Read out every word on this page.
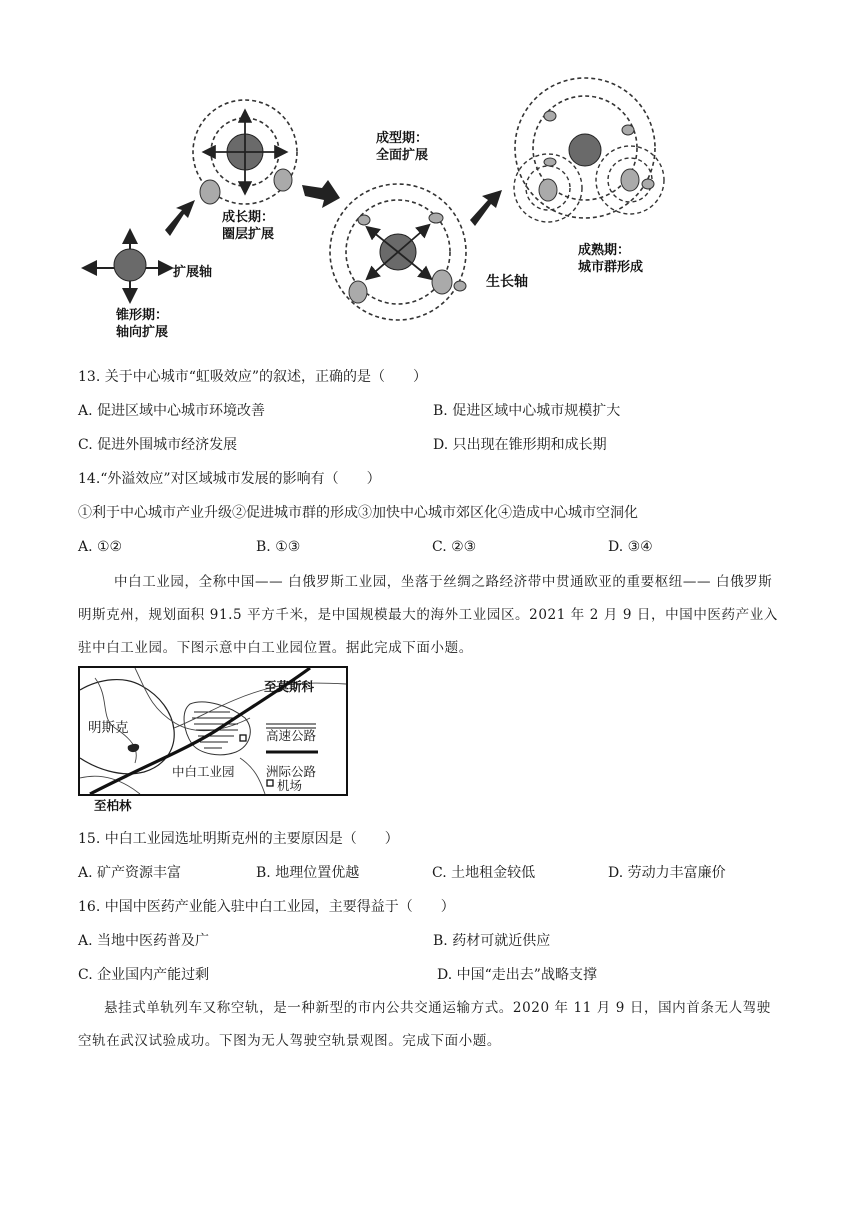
锥形期：
轴向扩展
扩展轴
成长期：
圈层扩展
成型期：
全面扩展
生长轴
成熟期：
城市群形成
13. 关于中心城市“虹吸效应”的叙述，正确的是（　　）
A. 促进区域中心城市环境改善	B. 促进区域中心城市规模扩大
C. 促进外围城市经济发展	D. 只出现在锥形期和成长期
14.“外溢效应”对区域城市发展的影响有（　　）
①利于中心城市产业升级②促进城市群的形成③加快中心城市郊区化④造成中心城市空洞化
A. ①②	B. ①③	C. ②③	D. ③④
中白工业园，全称中国—— 白俄罗斯工业园，坐落于丝绸之路经济带中贯通欧亚的重要枢纽—— 白俄罗斯明斯克州，规划面积 91.5 平方千米，是中国规模最大的海外工业园区。2021 年 2 月 9 日，中国中医药产业入驻中白工业园。下图示意中白工业园位置。据此完成下面小题。
至莫斯科
明斯克
中白工业园
高速公路
洲际公路
机场
至柏林
15. 中白工业园选址明斯克州的主要原因是（　　）
A. 矿产资源丰富	B. 地理位置优越	C. 土地租金较低	D. 劳动力丰富廉价
16. 中国中医药产业能入驻中白工业园，主要得益于（　　）
A. 当地中医药普及广	B. 药材可就近供应
C. 企业国内产能过剩	D. 中国“走出去”战略支撑
悬挂式单轨列车又称空轨，是一种新型的市内公共交通运输方式。2020 年 11 月 9 日，国内首条无人驾驶空轨在武汉试验成功。下图为无人驾驶空轨景观图。完成下面小题。
